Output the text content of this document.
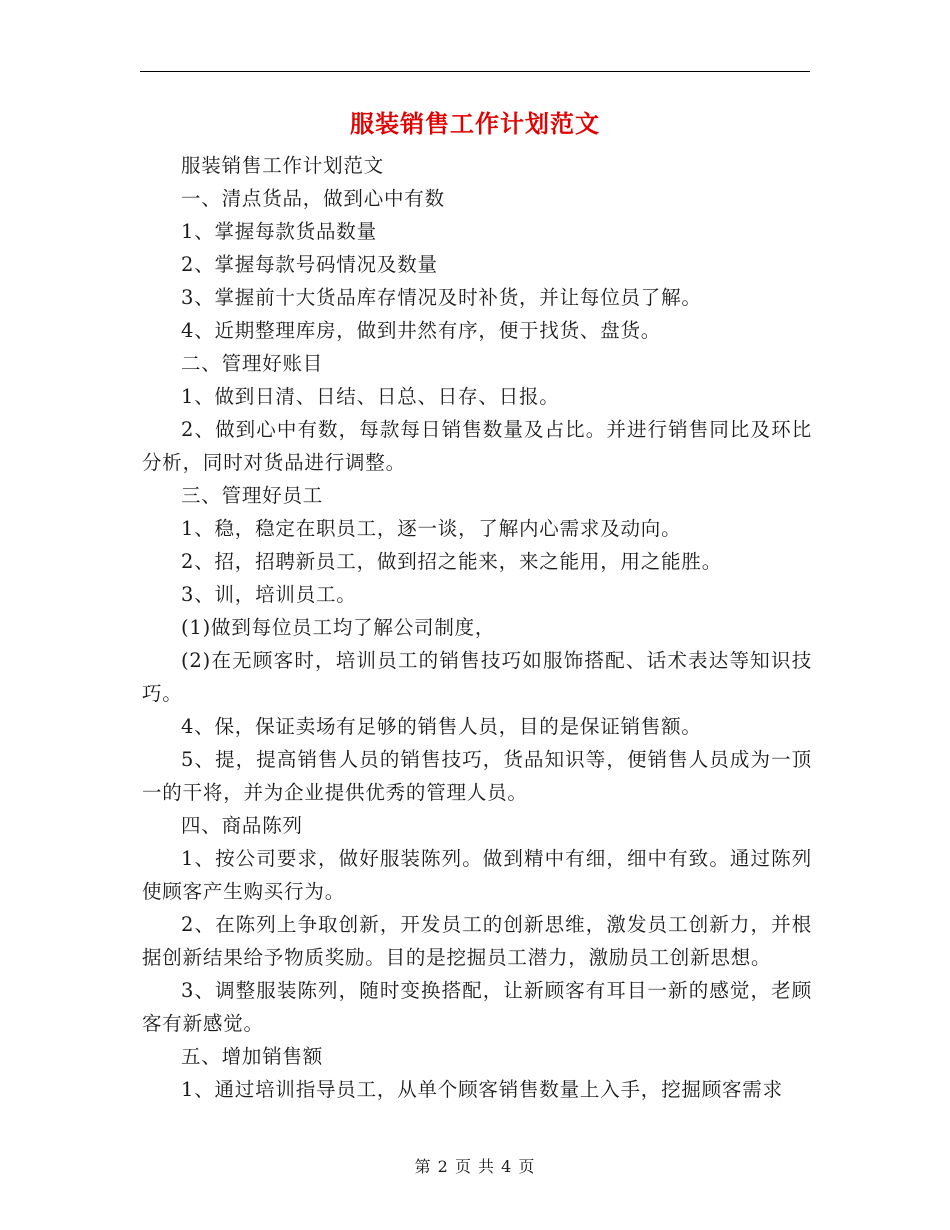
服装销售工作计划范文

服装销售工作计划范文

一、清点货品，做到心中有数

1、掌握每款货品数量

2、掌握每款号码情况及数量

3、掌握前十大货品库存情况及时补货，并让每位员了解。

4、近期整理库房，做到井然有序，便于找货、盘货。

二、管理好账目

1、做到日清、日结、日总、日存、日报。

2、做到心中有数，每款每日销售数量及占比。并进行销售同比及环比分析，同时对货品进行调整。

三、管理好员工

1、稳，稳定在职员工，逐一谈，了解内心需求及动向。

2、招，招聘新员工，做到招之能来，来之能用，用之能胜。

3、训，培训员工。

(1)做到每位员工均了解公司制度，

(2)在无顾客时，培训员工的销售技巧如服饰搭配、话术表达等知识技巧。

4、保，保证卖场有足够的销售人员，目的是保证销售额。

5、提，提高销售人员的销售技巧，货品知识等，便销售人员成为一顶一的干将，并为企业提供优秀的管理人员。

四、商品陈列

1、按公司要求，做好服装陈列。做到精中有细，细中有致。通过陈列使顾客产生购买行为。

2、在陈列上争取创新，开发员工的创新思维，激发员工创新力，并根据创新结果给予物质奖励。目的是挖掘员工潜力，激励员工创新思想。

3、调整服装陈列，随时变换搭配，让新顾客有耳目一新的感觉，老顾客有新感觉。

五、增加销售额

1、通过培训指导员工，从单个顾客销售数量上入手，挖掘顾客需求

第 2 页 共 4 页
